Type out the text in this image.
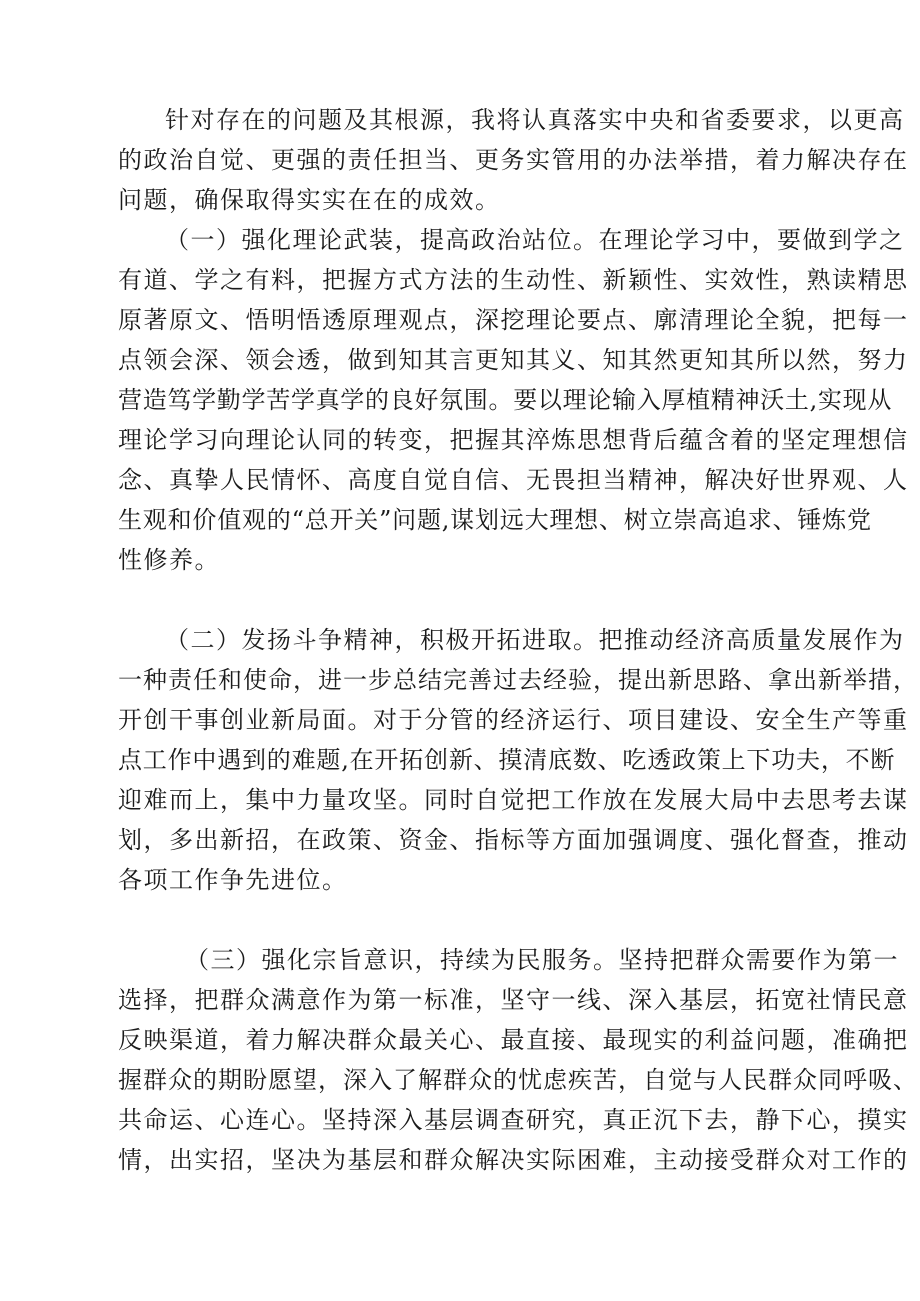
针对存在的问题及其根源，我将认真落实中央和省委要求，以更高
的政治自觉、更强的责任担当、更务实管用的办法举措，着力解决存在
问题，确保取得实实在在的成效。
（一）强化理论武装，提高政治站位。在理论学习中，要做到学之
有道、学之有料，把握方式方法的生动性、新颖性、实效性，熟读精思
原著原文、悟明悟透原理观点，深挖理论要点、廓清理论全貌，把每一
点领会深、领会透，做到知其言更知其义、知其然更知其所以然，努力
营造笃学勤学苦学真学的良好氛围。要以理论输入厚植精神沃土,实现从
理论学习向理论认同的转变，把握其淬炼思想背后蕴含着的坚定理想信
念、真挚人民情怀、高度自觉自信、无畏担当精神，解决好世界观、人
生观和价值观的“总开关”问题,谋划远大理想、树立崇高追求、锤炼党
性修养。
（二）发扬斗争精神，积极开拓进取。把推动经济高质量发展作为
一种责任和使命，进一步总结完善过去经验，提出新思路、拿出新举措，
开创干事创业新局面。对于分管的经济运行、项目建设、安全生产等重
点工作中遇到的难题,在开拓创新、摸清底数、吃透政策上下功夫，不断
迎难而上，集中力量攻坚。同时自觉把工作放在发展大局中去思考去谋
划，多出新招，在政策、资金、指标等方面加强调度、强化督查，推动
各项工作争先进位。
（三）强化宗旨意识，持续为民服务。坚持把群众需要作为第一
选择，把群众满意作为第一标准，坚守一线、深入基层，拓宽社情民意
反映渠道，着力解决群众最关心、最直接、最现实的利益问题，准确把
握群众的期盼愿望，深入了解群众的忧虑疾苦，自觉与人民群众同呼吸、
共命运、心连心。坚持深入基层调查研究，真正沉下去，静下心，摸实
情，出实招，坚决为基层和群众解决实际困难，主动接受群众对工作的
